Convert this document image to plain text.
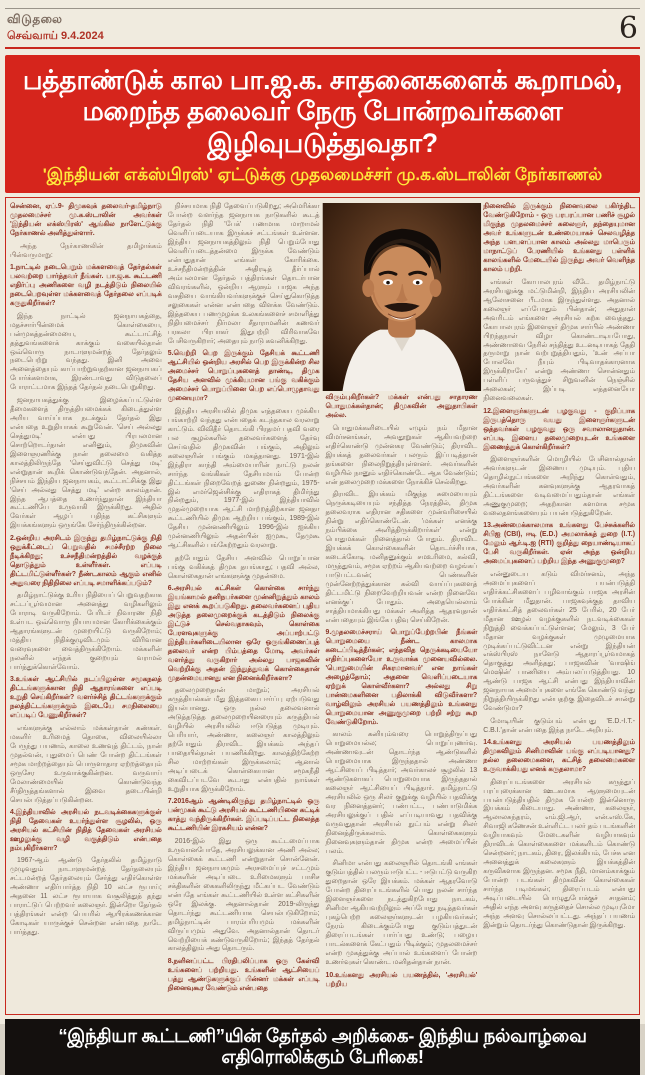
விடுதலை
செவ்வாய் 9.4.2024	6

பத்தாண்டுக் கால பா.ஜ.க. சாதனைகளைக் கூறாமல்,

மறைந்த தலைவர் நேரு போன்றவர்களை இழிவுபடுத்துவதா?

'இந்தியன் எக்ஸ்பிரஸ்' ஏட்டுக்கு முதலமைச்சர் மு.க.ஸ்டாலின் நேர்காணல்

சென்னை, ஏப்.9- திமுகவுக் தலைவர்-தமிழ்நாடு முதலமைச்சர் மு.க.ஸ்டாலின் அவர்கள் 'இந்தியன் எக்ஸ்பிரஸ்' ஆங்கில நாளேட்டுக்கு நேர்காணல் அளித்துள்ளார்.

அந்த நேர்காணலின் தமிழாக்கம் பின்வருமாறு:

1.நாட்டில் நடைபெறும் மக்களவைத் தேர்தல்கள் பலவற்றை பார்த்தவர் நீங்கள். பா.ஜ.க. கூட்டணி எதிர்ப்பு அணிகளை வழி நடத்திடும் நிலையில் நடைபெறவுள்ள மக்களவைத் தேர்தலை எப்படிக் கருதுகிறீர்கள்?

இந்த நாட்டில் ஜனநாயகத்தை, மதச்சார்பின்மைக் கொள்கையை, பன்முகத்தன்மையை, கூட்டாட்சித் தத்துவங்களைக் காக்கும் வகையில்தான் ஒவ்வொரு நாடாளுமன்றத் தேர்தலும் நடைபெற்று வந்தது. இனி அவை அனைத்தையும் காப்பாற்றுவதற்கான ஜனநாயகப் போர்க்களமாக, இரண்டாவது விடுதலைப் போராட்டமாக இந்தத் தேர்தல் நடைபெறுகிறது.

ஜனநாயகத்துக்கு இழைக்கப்பட்டுள்ள தீமைகளைத் திருத்தியமைக்கக் கிடைத்துள்ள அரிய வாய்ப்பாக நடக்கும் தேர்தல் இது என்பதை உறுதியாகக் கூறுவேன். 'செய் அல்லது செத்துமடி' என்பது பிரபலமான சொற்றொடர்தான் எனினும், திமுகவின் இளைஞரணிக்கு நான் தலைமை வகித்த காலத்திலிருந்தே 'செய்துவிட்டு செத்து மடி' என்றுதான் கூறிக் கொண்டுவந்தேன். அதனால், நிச்சயம் இந்திய ஜனநாயகம், கூட்டாட்சிக்கு இது 'செய் அல்லது செத்து மடி' என்ற காலம்தான். இந்த ஆபத்தை உணர்ந்துதான் இந்தியா கூட்டணியே உருவாகி இருக்கிறது. அதில் வேர்கள் ஆழப் பதிந்த கட்சிகளும் இயக்கங்களும் ஒருங்கே சேர்ந்திருக்கின்றன.

2.ஒன்றிய அரசிடம் இருந்து தமிழ்நாட்டுக்கு நிதி ஒதுக்கீட்டைப் பெறுவதில் சமச்சீரற்ற நிலை நீடிக்கிறது; உச்சநீதிமன்றத்தில் வழக்குத் தொடுத்தும் உள்ளீர்கள். எப்படி திட்டமிட்டுள்ளீர்கள்? நீண்டகாலம் ஆகும் எனில் அதுவரை நிதிநிலை எப்படி சமாளிக்கப்படும்?

தமிழ்நாட்டுக்கு உரிய நிதியைப் பெறுவதற்காக சட்டப்பூர்வமான அனைத்து வழிகளிலும் போராடி வருகிறோம். பேரிடர் நிவாரண நிதி உள்பட ஒவ்வொரு நியாயமான கோரிக்கைக்கும் ஆதாரங்களுடன் முறையிட்டு வருகிறோம்; மத்திய நிதிக்குழுவிடமும் விரிவான வரைவுகளை வைத்திருக்கிறோம். மக்களின் நலனில் எந்தக் குறையும் வராமல் பார்த்துக்கொள்வோம்.

3.உங்கள் ஆட்சியில் நடப்பிலுள்ள சமூகநலத் திட்டங்களுக்கான நிதி ஆதாரங்களை எப்படி உறுதி செய்கிறீர்கள்? வளர்ச்சித் திட்டங்களுக்கும் நலத்திட்டங்களுக்கும் இடையே சமநிலையை எப்படிப் பேணுகிறீர்கள்?

எங்களுக்கு எல்லாம் மக்கள்தான் கண்கள். மகளிர் உரிமைத் தொகை, விலையில்லா பேருந்து பயணம், காலை உணவுத் திட்டம், நான் முதல்வன், புதுமைப் பெண் போன்ற திட்டங்கள் சமூக மாற்றத்தையும் பொருளாதார ஏற்றத்தையும் ஒருசேர உருவாக்குகின்றன. வருவாய் மேலாண்மையில் கொண்டுவந்த சீர்திருத்தங்களால் இவை தடையின்றி செயல்படுத்தப்படுகின்றன.

4.இந்தியாவில் அரசியல் நடவடிக்கைகளுக்குள் நிதி தேவைகள் உயர்ந்துள்ள சூழலில், ஒரு அரசியல் கட்சியின் நிதித் தேவைகள் அரசியல் ஊழலுக்கு வழி வகுத்திடும் என்பதை நம்புகிறீர்களா?

1967-ஆம் ஆண்டு தேர்தலில் தமிழ்நாடு முழுவதும் நாடாளுமன்றத் தேர்தலையும் சட்டமன்றத் தேர்தலையும் சேர்த்து எதிர்கொள்ள அண்ணா எதிர்பார்த்த நிதி 10 லட்ச ரூபாய்; அதனை 11 லட்ச ரூபாயாக வசூலித்துத் தந்து பாராட்டுப் பெற்றவர் கலைஞர். இன்றோ தேர்தல் பத்திரங்கள் என்ற பெயரில் ஆயிரக்கணக்கான கோடிகள் யாருக்குச் சென்றன என்பதை நாடே பார்த்தது.

நிச்சயமாக நிதி தேவைப்படுகிறது; அமெரிக்கா போன்ற வளர்ந்த ஜனநாயக நாடுகளில் கூடத் தேர்தல் நிதி 'பேக்' பணமாக மாறாமல் வெளிப்படையாக இருக்கச் சட்டங்கள் உள்ளன. இந்திய ஜனநாயகத்திலும் நிதி பெறும்போது வெளிப்படைத்தன்மை இருக்க வேண்டும் என்பதுதான் எங்கள் கோரிக்கை. உச்சநீதிமன்றத்தின் அதிரடித் தீர்ப்பால் அம்பலமான தேர்தல் பத்திரங்கள் தொடர்பான விவரங்களில், ஒன்றிய ஆளும் பாஜக அந்த வசதியை வாங்கியவர்களுக்குச் செய்துகொடுத்த சலுகைகள் என்ன என்பதை விளக்க வேண்டும். இத்தகைய பணமுழக்க உலகங்களைச் சமாளித்து நிதியமைச்சர் நிர்மலா சீதாராமனின் கணவர் பரகலா பிரபாகர் இதுபற்றி விரிவாகவே பேசிவருகிறார்; அதையும் நாடு கவனிக்கிறது.

5.வெற்றி பெற இருக்கும் தேசியக் கூட்டணி ஆட்சியில் ஒன்றிய அரசில் பெற இருக்கின்ற சில அமைச்சர் பொறுப்புகளைத் தாண்டி, திமுக தேசிய அளவில் முக்கியமான பங்கு வகிக்கும் அமைச்சர் பொறுப்பினை பெற எப்பொழுதாவது முனையுமா?

இந்திய அரசியலில் திமுக எத்தகைய முக்கிய பங்காற்றி வந்தது என்பதைக் கடந்தகால வரலாறு காட்டும். விவிதீர் தொடங்கி பிரதமர் பதவி வரை பல சூழல்களில் தலைவர்களைத் தேர்வு செய்வதில் திமுகவின் பங்கும், அதிலும் கலைஞரின் பங்கும் மகத்தானது. 1971-இல் இந்திரா காந்தி அம்மையாரின் நாட்டு நலன் சார்ந்த வங்கிகள் தேசியமயம் போன்ற திட்டங்கள் நிறைவேறத் துணை நின்றதும், 1975-இல் எமர்ஜென்சிக்கு எதிராகத் திமிர்ந்து நின்றதும், 1977-இல் இந்தியாவில் முதல்முறையாக ஆட்சி மாற்றத்திற்கான ஜனதா கூட்டணியில் திமுக ஆற்றிய பங்கும், 1989-இல் தேசிய முன்னணியிலும் 1996-இல் ஐக்கிய முன்னணியிலும் அதன்பின் ஐமுகூ, தேமுகூ ஆட்சிகளில் பங்கேற்றதும் வரலாறு.

தற்போதும் தேசிய அளவில் பொறுப்பான பங்கு வகிக்கத் திமுக தயங்காது; பதவி அல்ல, கொள்கைதான் எங்களுக்கு முதன்மை.

6.அரசியல் கட்சிகள் கொள்கை சார்ந்து இயங்காமல் தனிநபர்களை முன்னிறுத்தும் காலம் இது எனக் கூறப்படுகிறது. தலைவர்களைப் புதிய அடுத்த தலைமுறைக்குக் கடத்திடும் நிலைக்கு இட்டுச் செல்வதாகவும், கொள்கை பேரளவுகளுக்கு அப்பாற்பட்டு இந்தியர்களிடையிலான ஒரே ஒருங்கிணைப்புத் தலைவர் என்ற பிம்பத்தை மோடி அவர்கள் வளர்த்து வருகிறார் அல்லது பாஜகவின் வெற்றிக்கு அதன் இந்துத்துவக் கொள்கைதான் முதன்மையானது என நினைக்கிறீர்களா?

தலைமுறைதான் மாறும்; அரசியல் கருத்தியல்கள் மீது இத்தகைய ஈர்ப்பு ஏற்படுவது இயல்பானது. ஒரு நல்ல தலைவனால் அடுத்தடுத்த தலைமுறையினரையும் கருத்தியல் வழியில் அரசியலில் ஈடுபடுத்த முடியும். பெரியார், அண்ணா, கலைஞர் காலத்திலும் தற்போதும் திராவிட இயக்கம் அந்தப் பாதையில்தான் பயணிக்கிறது. காலத்திற்கேற்ற சில மாற்றங்கள் இருக்கலாம்; ஆனால் அடிப்படைக் கொள்கையான சமூகநீதி கைவிடப்படவே கூடாது என்பதில் நாங்கள் உறுதியாக இருக்கிறோம்.

7.2016ஆம் ஆண்டிலிருந்து தமிழ்நாட்டில் ஒரு பன்முகக் கூட்டு அரசியல் கூட்டணியினை கட்டிக் காத்து வந்திருக்கிறீர்கள். இப்படிப்பட்ட நிலைத்த கூட்டணியின் இரகசியம் என்ன?

2016-இல் இது ஒரு கூட்டமைப்பாக உருவானபோதே, அரசியலுக்கான அணி அல்ல; கொள்கைக் கூட்டணி என்றுதான் சொன்னேன். இந்திய ஜனநாயகமும் அரசமைப்புச் சட்டமும் மக்களின் அடிப்படை உரிமைகளும் பாசிச சக்திகளின் கைகளிலிருந்து மீட்கப்பட வேண்டும் என்பதே எங்கள் கூட்டணியில் உள்ள கட்சிகளின் ஒரே இலக்கு. அதனால்தான் 2019-லிருந்து தொடர்ந்து கூட்டணியாக செயல்படுகிறோம்; தமிழ்நாட்டின் பாரம்பரியமும் மக்களின் விருப்பமும் அதுவே. அதனால்தான் தொடர் வெற்றியைக் கண்டுவருகிறோம்; இந்தத் தேர்தல் காலத்திலும் அது தொடரும்.

8.நளினப்பட்ட பிரதிபலிப்பாக ஒரு கேள்வி உங்களைப் பற்றியது. உங்களின் ஆட்சியைப் பத்து ஆண்டுகளுக்குப் பின்னர் மக்கள் எப்படி நினைவுகூர வேண்டும் என்பதை

விரும்புகிறீர்கள்? மக்கள் என்பது சாதாரண பொதுமக்கள்தான்; திமுகவின் அனுதாபிகள் அல்ல.

பொதுமக்களிடையில் எழும் நம் மீதான விமர்சனங்கள், அவதூறுகள் ஆகியவற்றை எதிர்கொண்டு முன்னகர வேண்டும்; திராவிட இயக்கத் தலைவர்கள் பலரும் இப்படித்தான் தங்களை நிலைநிறுத்தியுள்ளனர். அவர்களின் வழியில் நானும் எதிர்கொண்டே ஆக வேண்டும்; என் தலைமுறை மக்களை நோக்கிச் செல்கிறது.

திராவிட இயக்கம் மிகுந்த சுமையையும் நெருக்கடியையும் சந்தித்த நேரத்தில், திமுக தலைவராக எதிரான சதிகளை முன்வரிசையில் நின்று எதிர்கொண்டேன். 'மக்கள் எனக்கு நம்பிக்கை அளித்திருக்கிறார்கள்' என்று பொதுமக்கள் நினைத்தால் போதும். திராவிட இயக்கக் கொள்கைகளின் தொடர்ச்சியாக, கடைக்கோடி மனிதனுக்கும் சமஉரிமை, கல்வி, மருத்துவம், சமூக ஏற்றம் ஆகியவற்றை வழங்கப் பாடுபட்டவன்; பெண்களின் முன்னேற்றத்துக்கான கல்வி வாய்ப்புகளைத் திட்டமிட்டு நிறைவேற்றியவன் என்ற நினைவே எனக்குப் போதும். அதையெல்லாம் சாத்தியமாக்கியது மக்கள் அளித்த ஆதரவுதான் என்பதையும் இங்கே பதிவு செய்கிறேன்.

9.முதலமைச்சராய் பொறுப்பேற்றபின் நீங்கள் பொறுமையை நீண்ட காலமாக கடைப்பிடித்தீர்கள்; எந்தவித நெருக்கடியையோ எதிர்ப்புகளையோ உருவாக்க முனையவில்லை. 'பொறுமையின் சிகரமானவர்' என நாங்கள் அழைத்தோம்; அதனை வெளிப்படையாக ஏற்றுக் கொள்வீர்களா? அல்லது சிறு பான்மைகளினை பதிலாக்கி விடுவீர்களா? வாழ்விலும் அரசியல் பயணத்திலும் உங்களது பொறுமையான அணுகுமுறை பற்றி சற்று கூற வேண்டுகிறோம்.

காலம் கனியும்வரை பொறுத்திருப்பது பொறுமையல்ல; பொறுப்புணர்வு. அண்ணாவுடன் தொடர்ந்த ஆண்டுகளில் பொறுமையாக இருந்ததால் அண்ணா ஆட்சியைப் பிடித்தார்; அவர்காலச் சூழலில் 13 ஆண்டுகளாகப் பொறுமையாக இருந்ததால் கலைஞர் ஆட்சியைப் பிடித்தார். தமிழ்நாட்டு அரசியலில் ஒரு சிலர் குறுக்கு வழியில் பதவிக்கு வர நினைத்தனர்; பண்பட்ட, பண்பாடுமிக்க அரசியலுக்குப் பதில் எப்படியாவது பதவிக்கு வருவதுதான் அரசியல் நுட்பம் என்று சிலர் நினைத்திருக்கலாம். கொள்கைகளும் நினைவுகளும்தான் திமுக என்ற அமைப்பின் பலம்.

சினிமா என்பது கலைஞரில் தொடங்கி எங்கள் குடும்பத்தில் பலரும் ஈடுபட்ட - ஈடுபட்டு வருகிற துறைதான் ஒரே இயக்கம். மக்கள் ஆதரவோடு போன்ற திரைப்படங்களில் பொது நலன் சார்ந்த இளைஞர்களை நடத்துகிறபோது நாடகம், சினிமா ஆகியவற்றிலும் அப்போது நடித்தவர்கள் புகழ்பெற்ற கலைஞர்களுடன் பழகியவர்கள்; நேரம் கிடைக்கும்போது குடும்பத்துடன் திரைப்படங்கள் பார்ப்பது உண்டு; பழைய பாடல்களைக் கேட்பதும் பிடிக்கும்; முதலமைச்சர் என்ற முகத்துக்கு அப்பால் உங்களைப் போன்ற உணர்வுகள் கொண்ட மனிதன்தான் நான்.

10.உங்களது அரசியல் பயணத்தில், 'அரசியல்' பற்றிய

நினைவில் இருக்கும் நினைவலை பகிர்ந்திட வேண்டுகிறோம் - ஒரு பரபரப்பான பணிச் சூழல் மிகுந்த முதலமைச்சர் கலைஞர், தந்தையுமான அவர் உங்களுடன் உண்மையாகச் செலவழித்த அந்த பளபளப்பான காலம் அல்லது மாபெரும் மாநாட்டுப் பேரணியில் உங்களது பள்ளிக் காலங்களில் மேடையில் இருந்து அவர் வெளிந்த காலம் பற்றி.

எங்கள் கோபாலபுரம் வீடே தமிழ்நாட்டு அரசியலுக்கு மட்டுமின்றி, இந்திய அரசியலின் ஆலோசனை பீடமாக இருந்துள்ளது. அதனால் கலைஞர் எப்போதும் பின்தான்; அதுதான் அவரிடம் எங்களை அரசியல் கற்க வைத்தது. கோபாலபுரம் இளைஞர் திமுக சார்பில் அண்ணா பிறந்தநாள் விழா கொண்டாடியபோது, அண்ணாவை நேரில் சந்தித்து உடனடியாகத் தேதி தருமாறு நான் வற்புறுத்தியதும், 'உன் அப்பா போலவே நீயும் பிடிவாதக்காரனாக இருக்கிறாயே' என்று அண்ணா சொன்னதும் பள்ளிப் பருவத்துச் சிறுவனின் நெஞ்சில் அலைகள்; இப்படி எத்தனையோ நினைவலைகள்.

12.இளைஞர்களுடன் பழகுவது - குறிப்பாக இருபத்தொரு வயது இளைஞர்களுடன் ஒத்தவர்கள் பழகுவது ஒரு சவாலானதுதான். எப்படி இளைய தலைமுறையுடன் உங்களை இணைத்துக் கொள்கிறீர்கள்?

இளைஞர்களின் மொழியில் பேசினால்தான் அவர்களுடன் இணைய முடியும். புதிய தொழில்நுட்பங்களை அறிந்து கொள்வதும், அவர்களின் கனவுகளுக்கு ஆதரவாகத் திட்டங்களை வடிவமைப்பதும்தான் எங்கள் அணுகுமுறை; அதற்கான களமாக சமூக வலைதளங்களையும் பயன்படுத்துகிறேன்.

13.அண்மைக்காலமாக உங்களது பேச்சுக்களில் சிபிஐ (CBI), ஈடி (E.D.) அமலாக்கத் துறை (I.T.) மேலும் ஆர்.டி.ஐ (RTI) குறித்து நையாண்டியாகப் பேசி வருகிறீர்கள். ஏன் அந்த ஒன்றிய அமைப்புகளைப் பற்றிய இந்த அணுகுமுறை?

என்னுடைய கடும் விமர்சனம், அந்த அமைப்புகளைப் பயன்படுத்தி எதிர்க்கட்சிகளைப் பழிவாங்கும் பாஜக அரசின் போக்கின் மீதுதான். பாஜகவுக்குத் தாவிய எதிர்க்கட்சித் தலைவர்கள் 25 பேரில், 20 பேர் மீதான ஊழல் வழக்குகளில் நடவடிக்கைகள் நிறுத்தி வைக்கப்பட்டுள்ளன; மேலும், 3 பேர் மீதான வழக்குகள் முழுமையாக முடிக்கப்பட்டுவிட்டன என்று இந்தியன் எக்ஸ்பிரஸ் நாளேடு ஆதாரப்பூர்வமாகத் தொகுத்து அளித்தது; பாஜகவின் 'வாஷிங் மெஷின்' பாணியை அம்பலப்படுத்தியது. 10 ஆண்டு பாஜக ஆட்சி என்பது இந்தியாவின் ஜனநாயக அமைப்புகளை எங்கே கொண்டு வந்து நிறுத்தியிருக்கிறது என்பதற்கு இதைவிடச் சான்று வேண்டுமா?

மோடியின் குடும்பம் என்பது 'E.D.-I.T.-C.B.I.'தான் என்பதை இந்த நாடே அறியும்.

14.உங்களது அரசியல் பயணத்திலும் திமுகவிலும் சினிமாவின் பங்கு எப்படியானது? நல்ல தலைமைகளை, கட்சித் தலைமைகளை உருவாக்கியது எனக் கருதலாமா?

திரைப்படங்களை அரசியல் கருத்துப் பரப்புரைக்கான ஊடகமாக ஆளுமையுடன் பயன்படுத்தியதில் திமுக போன்ற இன்னொரு இயக்கம் கிடையாது. அண்ணா, கலைஞர், ஆலாலசுந்தரம், எம்.ஜி.ஆர், என்.எஸ்.கே, சிவாஜி கணேசன் உள்ளிட்ட பலர் தம் படங்களின் வழியாகவும் மேடைகளின் வழியாகவும் திராவிடக் கொள்கைகளை மக்களிடம் கொண்டு சென்றனர்; நாடகம், திரை, இலக்கியம், பேச்சு என அனைத்துக் கலைகளும் இயக்கத்தின் கருவிகளாக இருந்தன. சமூக நீதி, மானம்காக்கும் போன்ற படங்கள் திமுகவின் கொள்கைகள் சார்ந்த படிமங்கள்; திரைப்படம் என்பது அடிப்படையில் பொழுதுபோக்குச் சாதனம்; அதில் எந்த அளவு கருத்தைச் சொல்ல முடியுமோ அந்த அளவு சொல்லப்பட்டது. அந்தப் பயணம் இன்றும் தொடர்ந்து கொண்டுதான் இருக்கிறது.

“இந்தியா கூட்டணி”யின் தேர்தல் அறிக்கை- இந்திய நல்வாழ்வை எதிரொலிக்கும் பேரிகை!
